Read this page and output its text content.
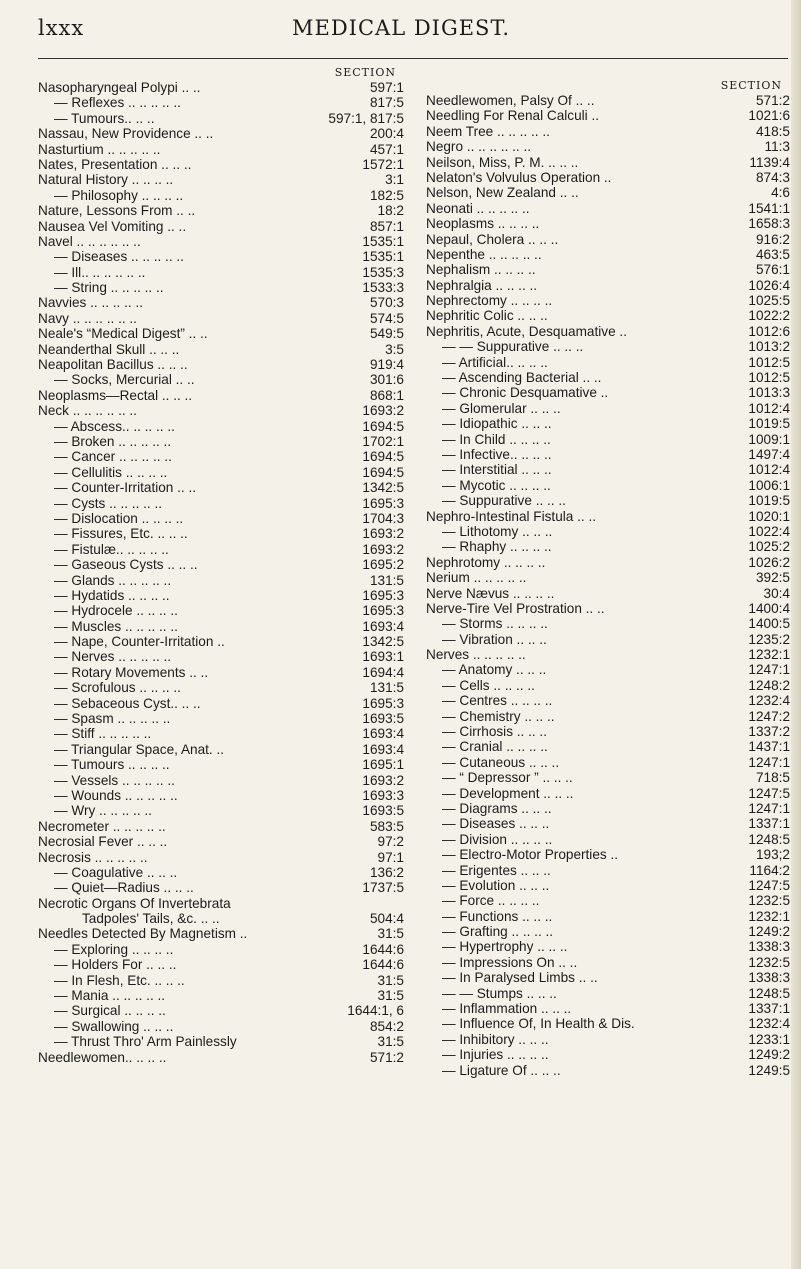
lxxx	MEDICAL DIGEST.
SECTION
Nasopharyngeal Polypi .. ..	597:1
— Reflexes .. .. .. .. ..	817:5
— Tumours.. .. ..	597:1, 817:5
Nassau, New Providence .. ..	200:4
Nasturtium .. .. .. .. ..	457:1
Nates, Presentation .. .. ..	1572:1
Natural History .. .. .. ..	3:1
— Philosophy .. .. .. ..	182:5
Nature, Lessons From .. ..	18:2
Nausea Vel Vomiting .. ..	857:1
Navel .. .. .. .. .. ..	1535:1
— Diseases .. .. .. .. ..	1535:1
— Ill.. .. .. .. .. ..	1535:3
— String .. .. .. .. ..	1533:3
Navvies .. .. .. .. ..	570:3
Navy .. .. .. .. .. ..	574:5
Neale's “Medical Digest” .. ..	549:5
Neanderthal Skull .. .. ..	3:5
Neapolitan Bacillus .. .. ..	919:4
— Socks, Mercurial .. ..	301:6
Neoplasms—Rectal .. .. ..	868:1
Neck .. .. .. .. .. ..	1693:2
— Abscess.. .. .. .. ..	1694:5
— Broken .. .. .. .. ..	1702:1
— Cancer .. .. .. .. ..	1694:5
— Cellulitis .. .. .. ..	1694:5
— Counter-Irritation .. ..	1342:5
— Cysts .. .. .. .. ..	1695:3
— Dislocation .. .. .. ..	1704:3
— Fissures, Etc. .. .. ..	1693:2
— Fistulæ.. .. .. .. ..	1693:2
— Gaseous Cysts .. .. ..	1695:2
— Glands .. .. .. .. ..	131:5
— Hydatids .. .. .. ..	1695:3
— Hydrocele .. .. .. ..	1695:3
— Muscles .. .. .. .. ..	1693:4
— Nape, Counter-Irritation ..	1342:5
— Nerves .. .. .. .. ..	1693:1
— Rotary Movements .. ..	1694:4
— Scrofulous .. .. .. ..	131:5
— Sebaceous Cyst.. .. ..	1695:3
— Spasm .. .. .. .. ..	1693:5
— Stiff .. .. .. .. ..	1693:4
— Triangular Space, Anat. ..	1693:4
— Tumours .. .. .. ..	1695:1
— Vessels .. .. .. .. ..	1693:2
— Wounds .. .. .. .. ..	1693:3
— Wry .. .. .. .. ..	1693:5
Necrometer .. .. .. .. ..	583:5
Necrosial Fever .. .. ..	97:2
Necrosis .. .. .. .. ..	97:1
— Coagulative .. .. ..	136:2
— Quiet—Radius .. .. ..	1737:5
Necrotic Organs Of Invertebrata
Tadpoles' Tails, &c. .. ..	504:4
Needles Detected By Magnetism ..	31:5
— Exploring .. .. .. ..	1644:6
— Holders For .. .. ..	1644:6
— In Flesh, Etc. .. .. ..	31:5
— Mania .. .. .. .. ..	31:5
— Surgical .. .. .. ..	1644:1, 6
— Swallowing .. .. ..	854:2
— Thrust Thro' Arm Painlessly	31:5
Needlewomen.. .. .. ..	571:2
SECTION
Needlewomen, Palsy Of .. ..	571:2
Needling For Renal Calculi ..	1021:6
Neem Tree .. .. .. .. ..	418:5
Negro .. .. .. .. .. ..	11:3
Neilson, Miss, P. M. .. .. ..	1139:4
Nelaton's Volvulus Operation ..	874:3
Nelson, New Zealand .. ..	4:6
Neonati .. .. .. .. ..	1541:1
Neoplasms .. .. .. ..	1658:3
Nepaul, Cholera .. .. ..	916:2
Nepenthe .. .. .. .. ..	463:5
Nephalism .. .. .. ..	576:1
Nephralgia .. .. .. ..	1026:4
Nephrectomy .. .. .. ..	1025:5
Nephritic Colic .. .. ..	1022:2
Nephritis, Acute, Desquamative ..	1012:6
— — Suppurative .. .. ..	1013:2
— Artificial.. .. .. ..	1012:5
— Ascending Bacterial .. ..	1012:5
— Chronic Desquamative ..	1013:3
— Glomerular .. .. ..	1012:4
— Idiopathic .. .. ..	1019:5
— In Child .. .. .. ..	1009:1
— Infective.. .. .. ..	1497:4
— Interstitial .. .. ..	1012:4
— Mycotic .. .. .. ..	1006:1
— Suppurative .. .. ..	1019:5
Nephro-Intestinal Fistula .. ..	1020:1
— Lithotomy .. .. ..	1022:4
— Rhaphy .. .. .. ..	1025:2
Nephrotomy .. .. .. ..	1026:2
Nerium .. .. .. .. ..	392:5
Nerve Nævus .. .. .. ..	30:4
Nerve-Tire Vel Prostration .. ..	1400:4
— Storms .. .. .. ..	1400:5
— Vibration .. .. ..	1235:2
Nerves .. .. .. .. ..	1232:1
— Anatomy .. .. ..	1247:1
— Cells .. .. .. ..	1248:2
— Centres .. .. .. ..	1232:4
— Chemistry .. .. ..	1247:2
— Cirrhosis .. .. ..	1337:2
— Cranial .. .. .. ..	1437:1
— Cutaneous .. .. ..	1247:1
— “ Depressor ” .. .. ..	718:5
— Development .. .. ..	1247:5
— Diagrams .. .. ..	1247:1
— Diseases .. .. ..	1337:1
— Division .. .. .. ..	1248:5
— Electro-Motor Properties ..	193;2
— Erigentes .. .. ..	1164:2
— Evolution .. .. ..	1247:5
— Force .. .. .. ..	1232:5
— Functions .. .. ..	1232:1
— Grafting .. .. .. ..	1249:2
— Hypertrophy .. .. ..	1338:3
— Impressions On .. ..	1232:5
— In Paralysed Limbs .. ..	1338:3
— — Stumps .. .. ..	1248:5
— Inflammation .. .. ..	1337:1
— Influence Of, In Health & Dis.	1232:4
— Inhibitory .. .. ..	1233:1
— Injuries .. .. .. ..	1249:2
— Ligature Of .. .. ..	1249:5
